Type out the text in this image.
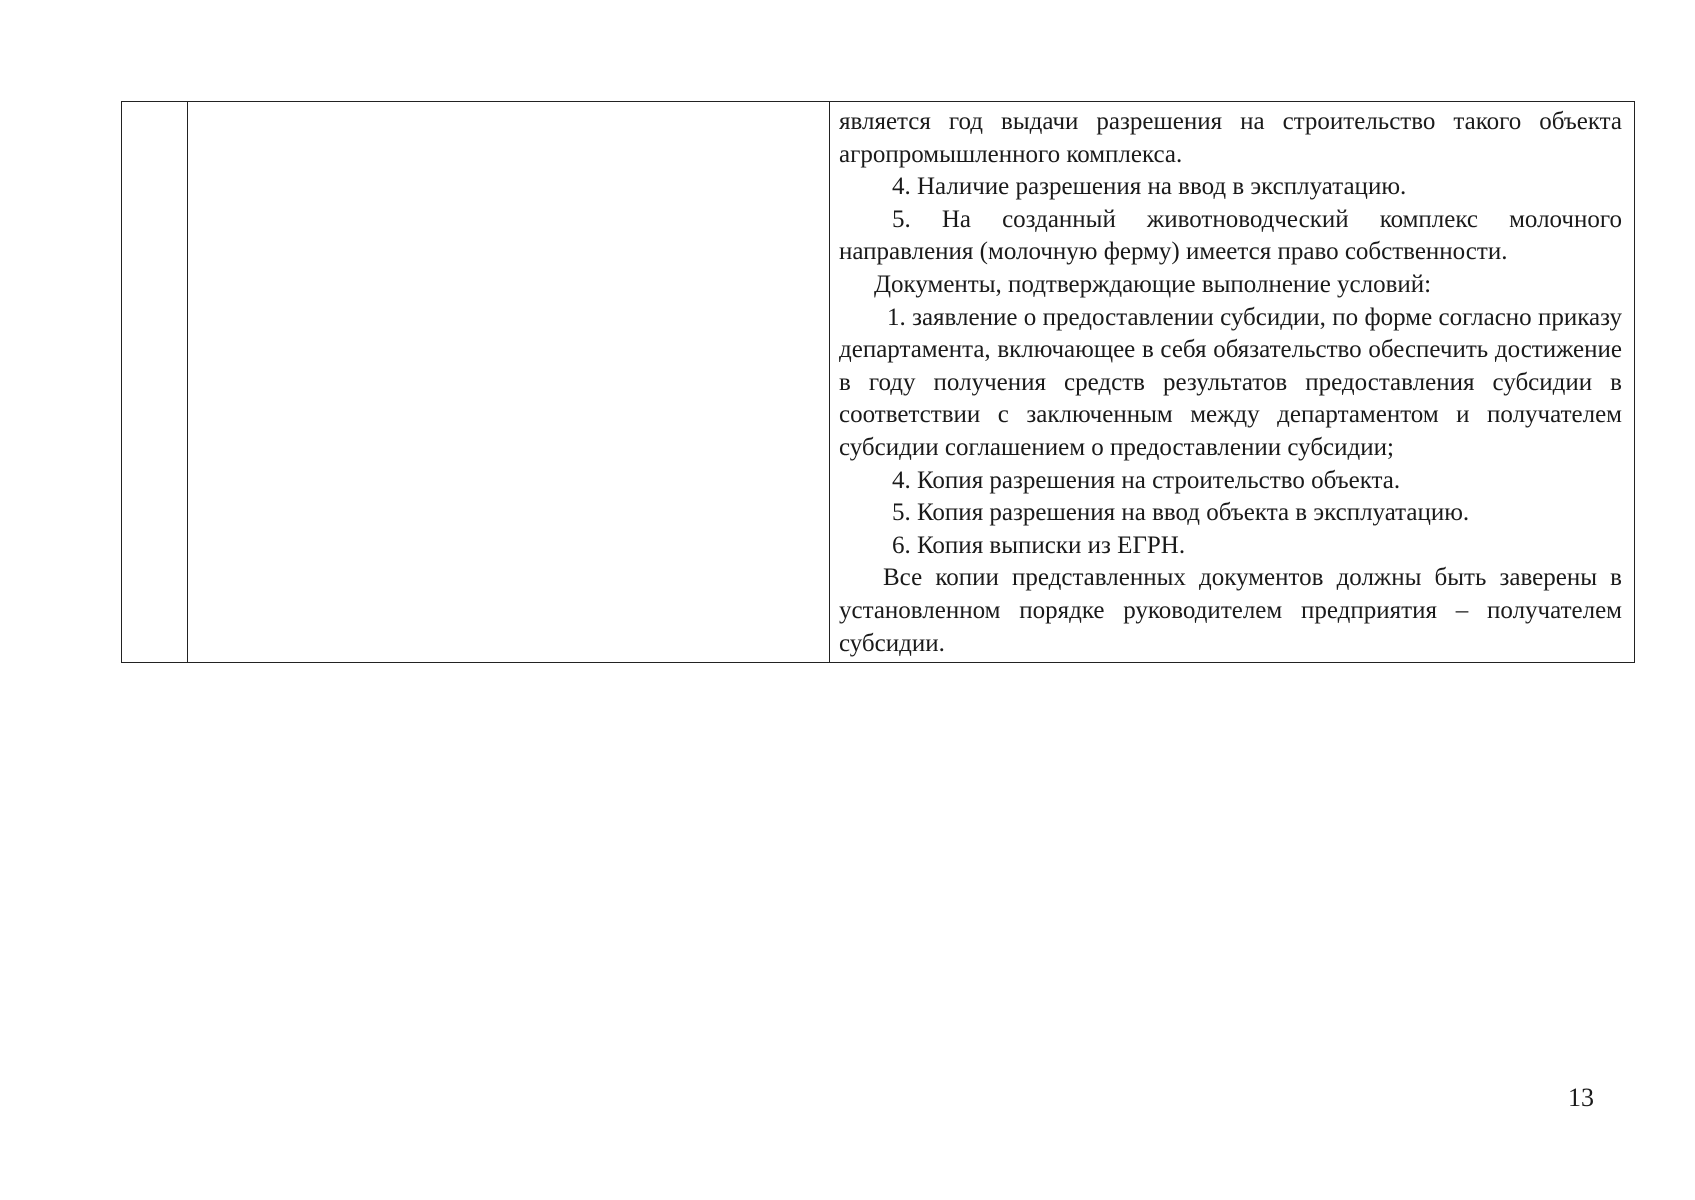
является год выдачи разрешения на строительство такого объекта агропромышленного комплекса.

4. Наличие разрешения на ввод в эксплуатацию.

5. На созданный животноводческий комплекс молочного направления (молочную ферму) имеется право собственности.

Документы, подтверждающие выполнение условий:

1. заявление о предоставлении субсидии, по форме согласно приказу департамента, включающее в себя обязательство обеспечить достижение в году получения средств результатов предоставления субсидии в соответствии с заключенным между департаментом и получателем субсидии соглашением о предоставлении субсидии;

4. Копия разрешения на строительство объекта.

5. Копия разрешения на ввод объекта в эксплуатацию.

6. Копия выписки из ЕГРН.

Все копии представленных документов должны быть заверены в установленном порядке руководителем предприятия – получателем субсидии.

13
